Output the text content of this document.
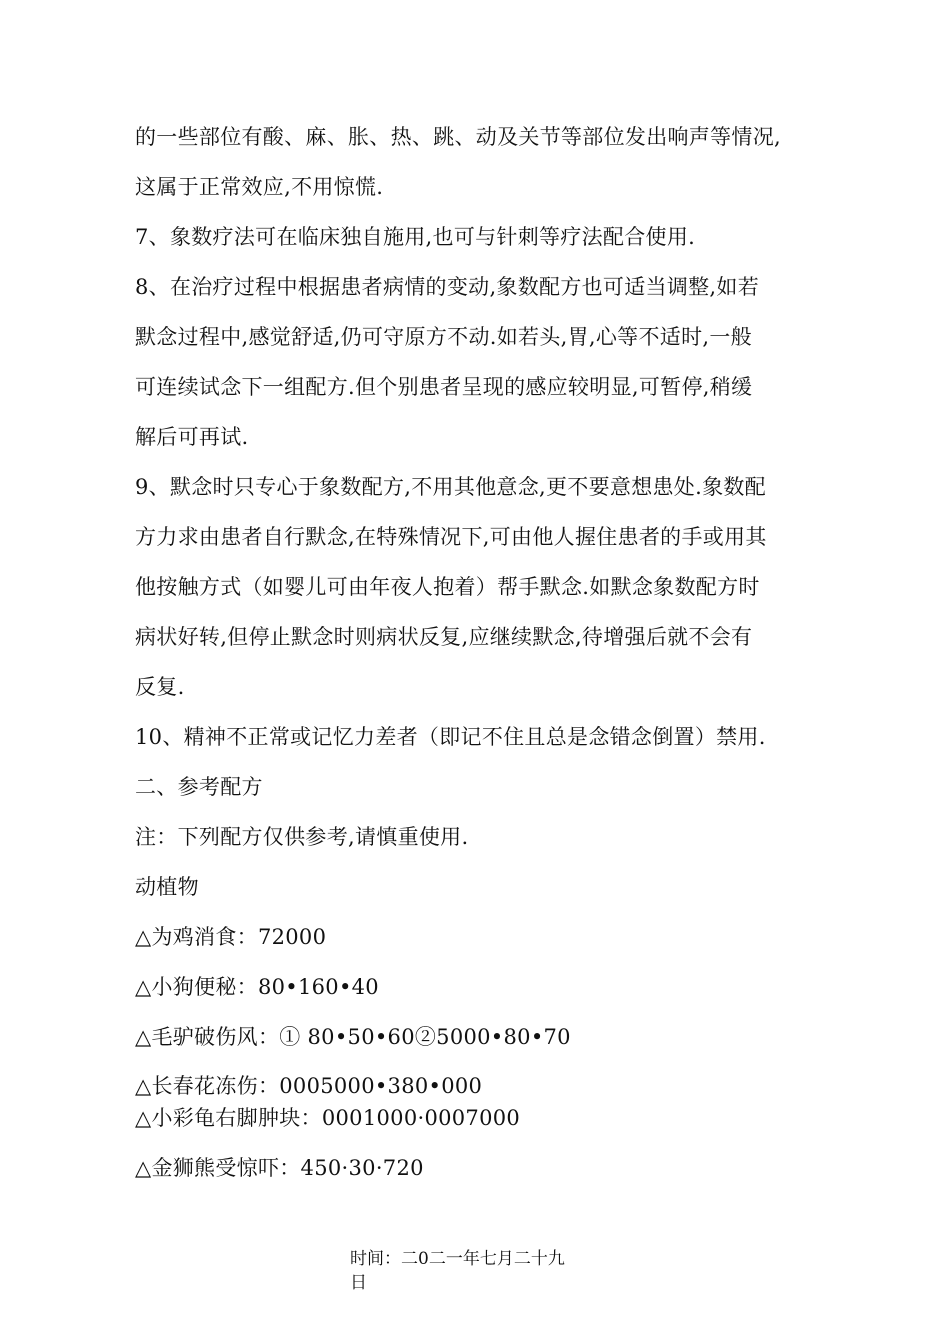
的一些部位有酸、麻、胀、热、跳、动及关节等部位发出响声等情况,
这属于正常效应,不用惊慌.
7、象数疗法可在临床独自施用,也可与针刺等疗法配合使用.
8、在治疗过程中根据患者病情的变动,象数配方也可适当调整,如若
默念过程中,感觉舒适,仍可守原方不动.如若头,胃,心等不适时,一般
可连续试念下一组配方.但个别患者呈现的感应较明显,可暂停,稍缓
解后可再试.
9、默念时只专心于象数配方,不用其他意念,更不要意想患处.象数配
方力求由患者自行默念,在特殊情况下,可由他人握住患者的手或用其
他按触方式（如婴儿可由年夜人抱着）帮手默念.如默念象数配方时
病状好转,但停止默念时则病状反复,应继续默念,待增强后就不会有
反复.
10、精神不正常或记忆力差者（即记不住且总是念错念倒置）禁用.
二、参考配方
注：下列配方仅供参考,请慎重使用.
动植物
△为鸡消食：72000
△小狗便秘：80•160•40
△毛驴破伤风：① 80•50•60②5000•80•70
△长春花冻伤：0005000•380•000
△小彩龟右脚肿块：0001000·0007000
△金狮熊受惊吓：450·30·720
时间：二0二一年七月二十九
日
